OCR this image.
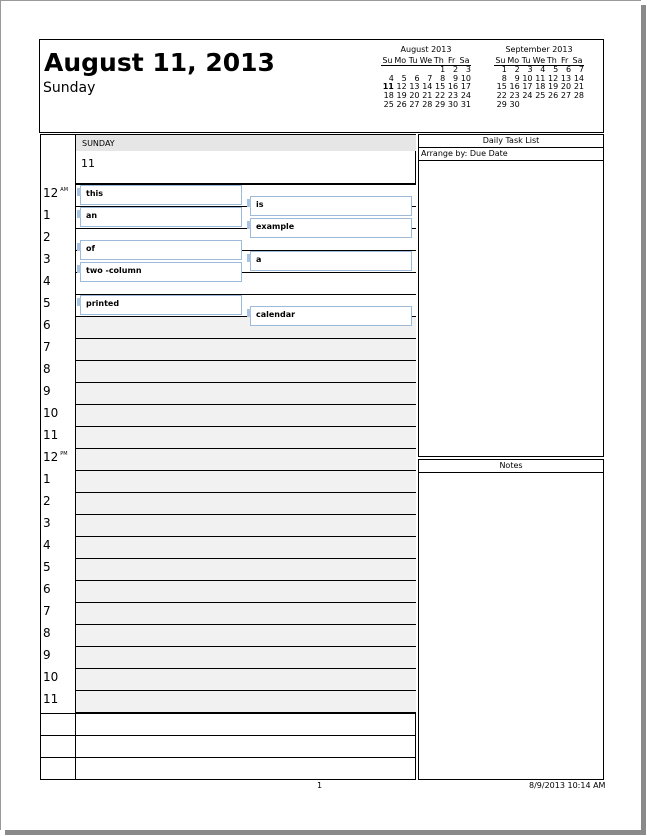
August 11, 2013
Sunday
August 2013
Su	Mo	Tu	We	Th	Fr	Sa
				1	2	3
4	5	6	7	8	9	10
11	12	13	14	15	16	17
18	19	20	21	22	23	24
25	26	27	28	29	30	31
September 2013
Su	Mo	Tu	We	Th	Fr	Sa
1	2	3	4	5	6	7
8	9	10	11	12	13	14
15	16	17	18	19	20	21
22	23	24	25	26	27	28
29	30					
SUNDAY
11
12 $^{AM}$
1
2
3
4
5
6
7
8
9
10
11
12 $^{PM}$
1
2
3
4
5
6
7
8
9
10
11
this
an
of
two -column
printed
is
example
a
calendar
Daily Task List
Arrange by: Due Date
Notes
1	8/9/2013 10:14 AM
